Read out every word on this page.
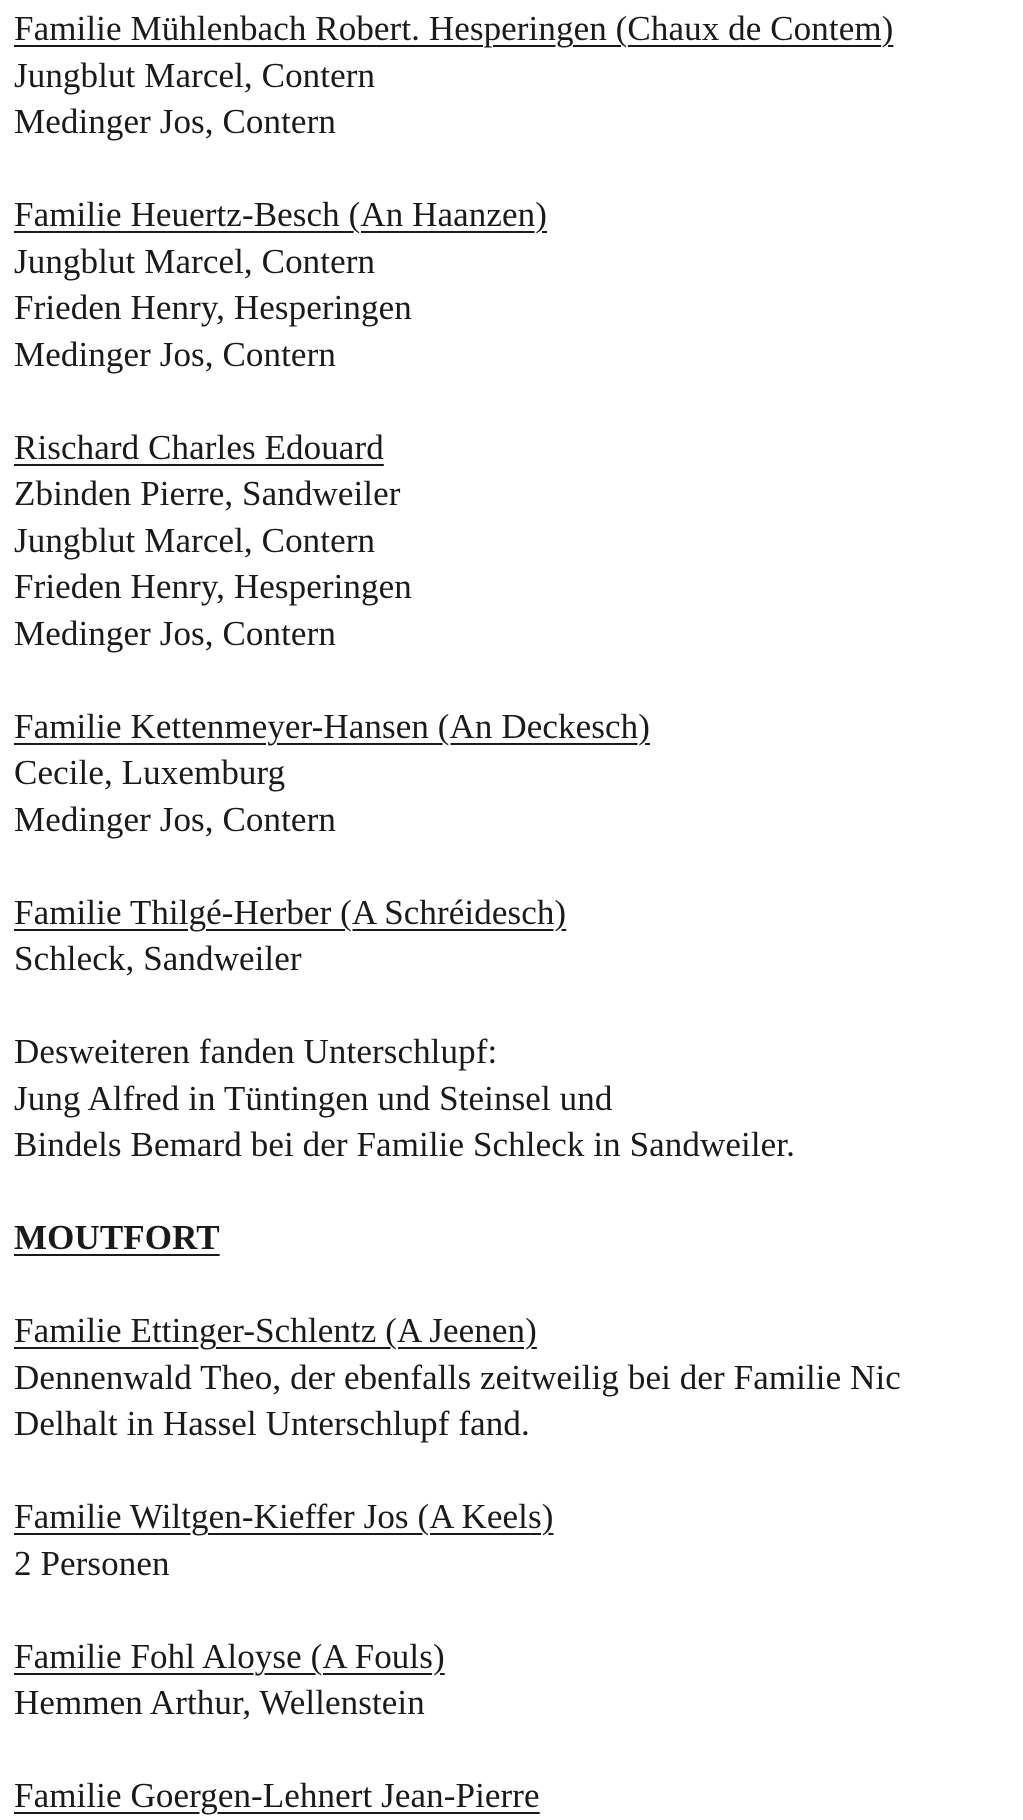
Familie Mühlenbach Robert. Hesperingen (Chaux de Contem)
Jungblut Marcel, Contern
Medinger Jos, Contern
Familie Heuertz-Besch (An Haanzen)
Jungblut Marcel, Contern
Frieden Henry, Hesperingen
Medinger Jos, Contern
Rischard Charles Edouard
Zbinden Pierre, Sandweiler
Jungblut Marcel, Contern
Frieden Henry, Hesperingen
Medinger Jos, Contern
Familie Kettenmeyer-Hansen (An Deckesch)
Cecile, Luxemburg
Medinger Jos, Contern
Familie Thilgé-Herber (A Schréidesch)
Schleck, Sandweiler
Desweiteren fanden Unterschlupf:
Jung Alfred in Tüntingen und Steinsel und
Bindels Bemard bei der Familie Schleck in Sandweiler.
MOUTFORT
Familie Ettinger-Schlentz (A Jeenen)
Dennenwald Theo, der ebenfalls zeitweilig bei der Familie Nic
Delhalt in Hassel Unterschlupf fand.
Familie Wiltgen-Kieffer Jos (A Keels)
2 Personen
Familie Fohl Aloyse (A Fouls)
Hemmen Arthur, Wellenstein
Familie Goergen-Lehnert Jean-Pierre
